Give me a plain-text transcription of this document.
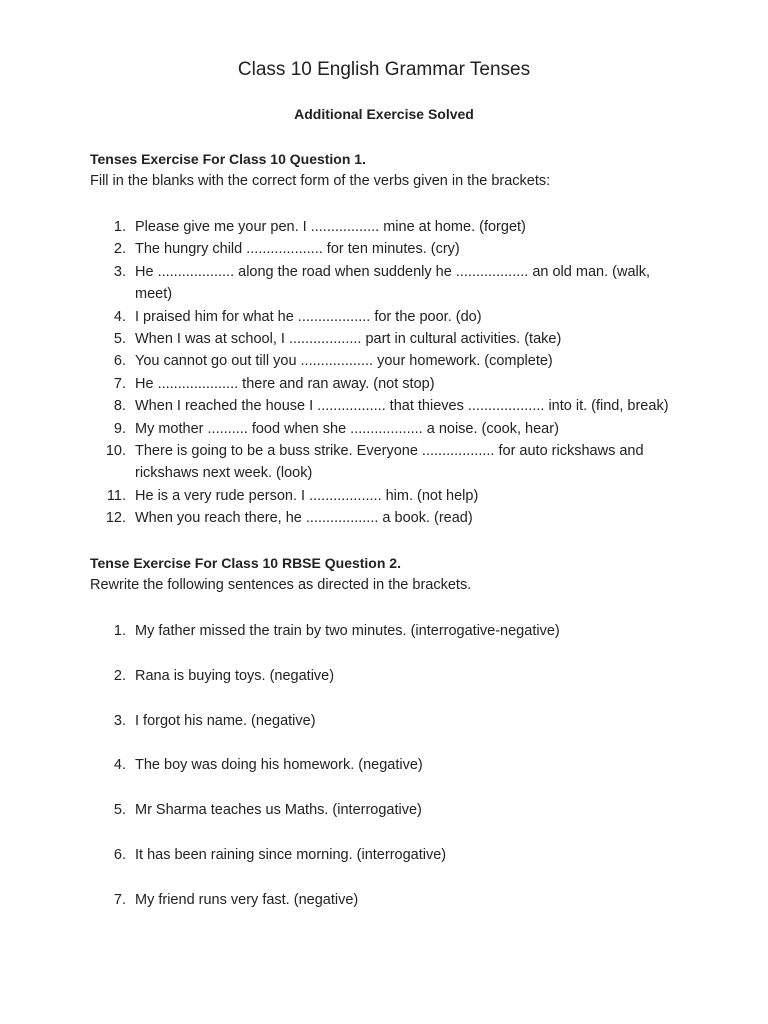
Class 10 English Grammar Tenses
Additional Exercise Solved
Tenses Exercise For Class 10 Question 1.
Fill in the blanks with the correct form of the verbs given in the brackets:
1. Please give me your pen. I ................. mine at home. (forget)
2. The hungry child ................... for ten minutes. (cry)
3. He ................... along the road when suddenly he .................. an old man. (walk, meet)
4. I praised him for what he .................. for the poor. (do)
5. When I was at school, I .................. part in cultural activities. (take)
6. You cannot go out till you .................. your homework. (complete)
7. He .................... there and ran away. (not stop)
8. When I reached the house I ................. that thieves ................... into it. (find, break)
9. My mother .......... food when she .................. a noise. (cook, hear)
10. There is going to be a buss strike. Everyone .................. for auto rickshaws and rickshaws next week. (look)
11. He is a very rude person. I .................. him. (not help)
12. When you reach there, he .................. a book. (read)
Tense Exercise For Class 10 RBSE Question 2.
Rewrite the following sentences as directed in the brackets.
1. My father missed the train by two minutes. (interrogative-negative)
2. Rana is buying toys. (negative)
3. I forgot his name. (negative)
4. The boy was doing his homework. (negative)
5. Mr Sharma teaches us Maths. (interrogative)
6. It has been raining since morning. (interrogative)
7. My friend runs very fast. (negative)
